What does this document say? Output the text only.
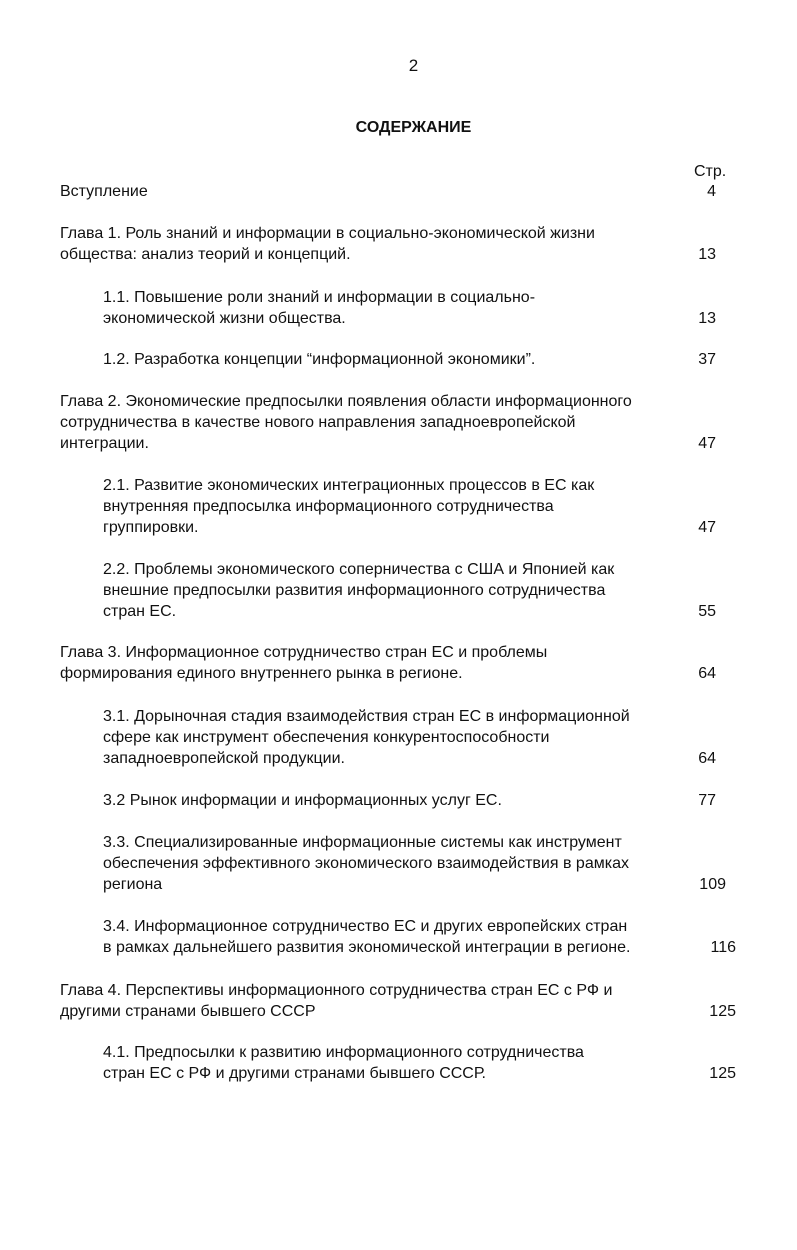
2
СОДЕРЖАНИЕ
Стр.
Вступление	4
Глава 1. Роль знаний и информации в социально-экономической жизни
общества: анализ теорий и концепций.	13
1.1. Повышение роли знаний и информации в социально-
экономической жизни общества.	13
1.2. Разработка концепции “информационной экономики”.	37
Глава 2. Экономические предпосылки появления области информационного
сотрудничества в качестве нового направления западноевропейской
интеграции.	47
2.1. Развитие экономических интеграционных процессов в ЕС как
внутренняя предпосылка информационного сотрудничества
группировки.	47
2.2. Проблемы экономического соперничества с США и Японией как
внешние предпосылки развития информационного сотрудничества
стран ЕС.	55
Глава 3. Информационное сотрудничество стран ЕС и проблемы
формирования единого внутреннего рынка в регионе.	64
3.1. Дорыночная стадия взаимодействия стран ЕС в информационной
сфере как инструмент обеспечения конкурентоспособности
западноевропейской продукции.	64
3.2 Рынок информации и информационных услуг ЕС.	77
3.3. Специализированные информационные системы как инструмент
обеспечения эффективного экономического взаимодействия в рамках
региона	109
3.4. Информационное сотрудничество ЕС и других европейских стран
в рамках дальнейшего развития экономической интеграции в регионе.	116
Глава 4. Перспективы информационного сотрудничества стран ЕС с РФ и
другими странами бывшего СССР	125
4.1. Предпосылки к развитию информационного сотрудничества
стран ЕС с РФ и другими странами бывшего СССР.	125
